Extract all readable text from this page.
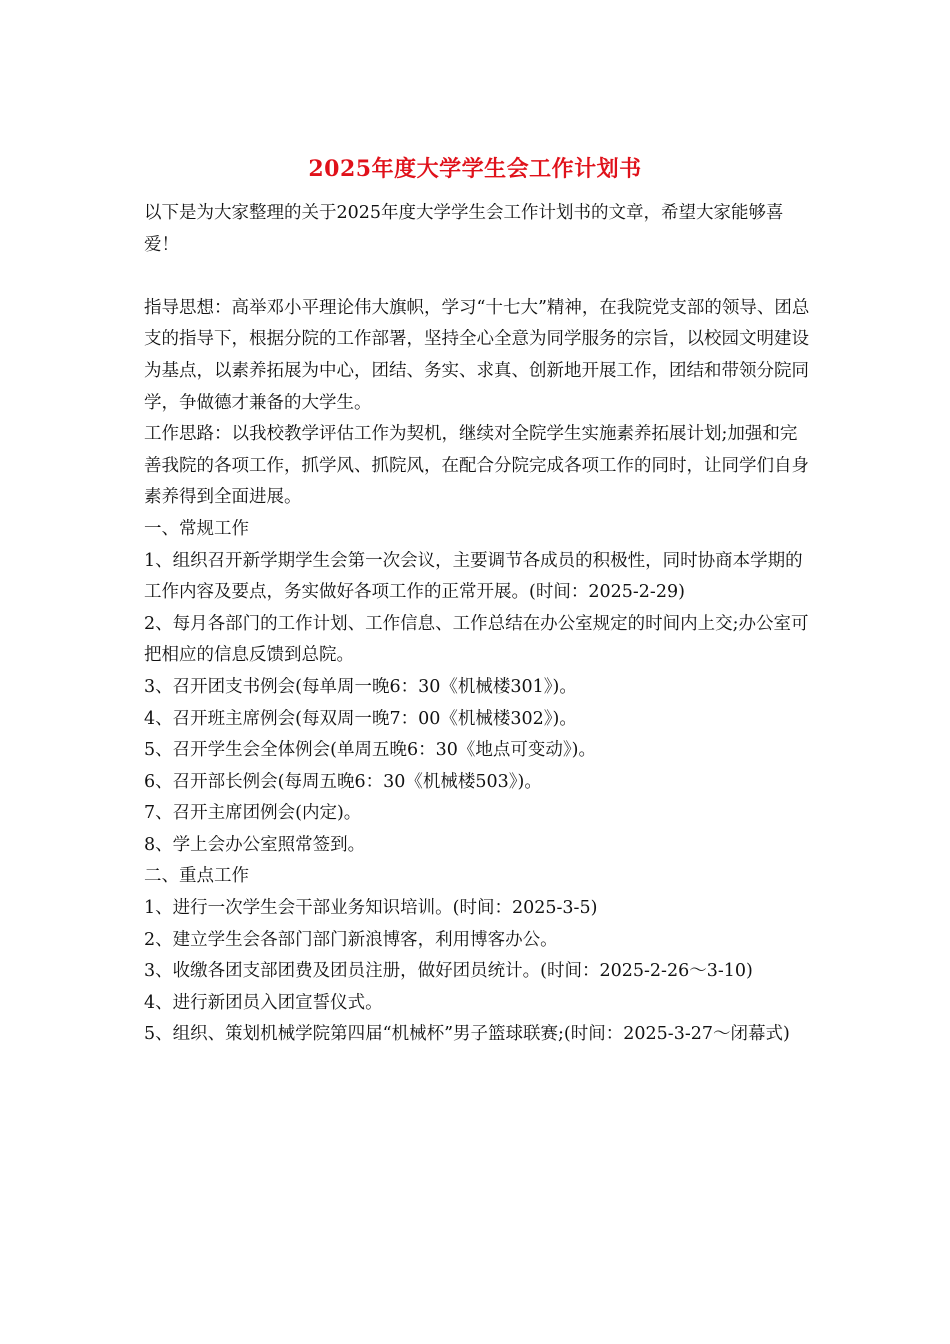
2025年度大学学生会工作计划书

以下是为大家整理的关于2025年度大学学生会工作计划书的文章，希望大家能够喜爱！

指导思想：高举邓小平理论伟大旗帜，学习“十七大”精神，在我院党支部的领导、团总支的指导下，根据分院的工作部署，坚持全心全意为同学服务的宗旨，以校园文明建设为基点，以素养拓展为中心，团结、务实、求真、创新地开展工作，团结和带领分院同学，争做德才兼备的大学生。

工作思路：以我校教学评估工作为契机，继续对全院学生实施素养拓展计划;加强和完善我院的各项工作，抓学风、抓院风，在配合分院完成各项工作的同时，让同学们自身素养得到全面进展。

一、常规工作

1、组织召开新学期学生会第一次会议，主要调节各成员的积极性，同时协商本学期的工作内容及要点，务实做好各项工作的正常开展。(时间：2025-2-29)

2、每月各部门的工作计划、工作信息、工作总结在办公室规定的时间内上交;办公室可把相应的信息反馈到总院。

3、召开团支书例会(每单周一晚6：30《机械楼301》)。

4、召开班主席例会(每双周一晚7：00《机械楼302》)。

5、召开学生会全体例会(单周五晚6：30《地点可变动》)。

6、召开部长例会(每周五晚6：30《机械楼503》)。

7、召开主席团例会(内定)。

8、学上会办公室照常签到。

二、重点工作

1、进行一次学生会干部业务知识培训。(时间：2025-3-5)

2、建立学生会各部门部门新浪博客，利用博客办公。

3、收缴各团支部团费及团员注册，做好团员统计。(时间：2025-2-26～3-10)

4、进行新团员入团宣誓仪式。

5、组织、策划机械学院第四届“机械杯”男子篮球联赛;(时间：2025-3-27～闭幕式)
